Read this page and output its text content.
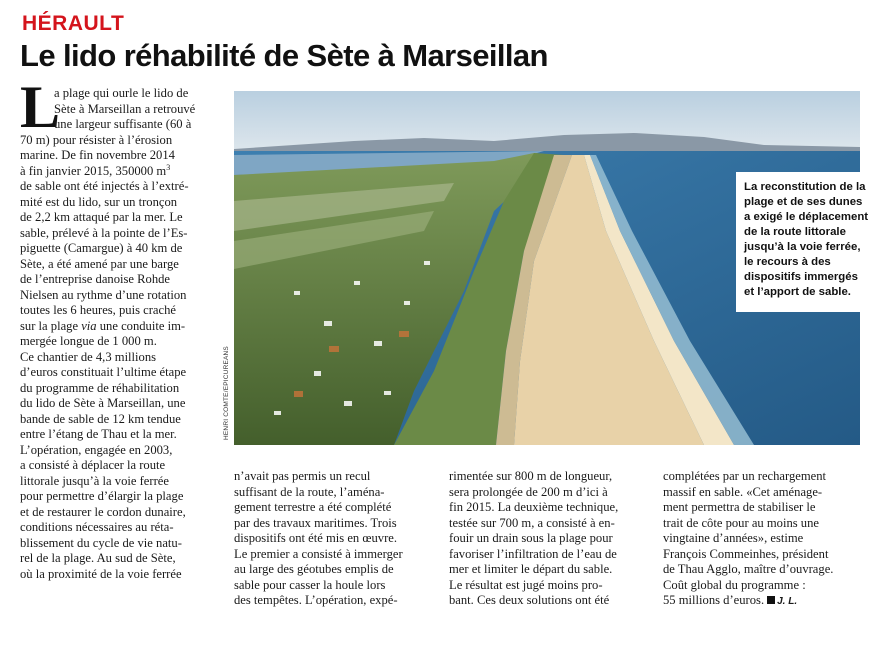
HÉRAULT
Le lido réhabilité de Sète à Marseillan
L
a plage qui ourle le lido de
Sète à Marseillan a retrouvé
une largeur suffisante (60 à
70 m) pour résister à l’érosion
marine. De fin novembre 2014
à fin janvier 2015, 350000 $m^3$
de sable ont été injectés à l’extré-
mité est du lido, sur un tronçon
de 2,2 km attaqué par la mer. Le
sable, prélevé à la pointe de l’Es-
piguette (Camargue) à 40 km de
Sète, a été amené par une barge
de l’entreprise danoise Rohde
Nielsen au rythme d’une rotation
toutes les 6 heures, puis craché
sur la plage via une conduite im-
mergée longue de 1 000 m.
Ce chantier de 4,3 millions
d’euros constituait l’ultime étape
du programme de réhabilitation
du lido de Sète à Marseillan, une
bande de sable de 12 km tendue
entre l’étang de Thau et la mer.
L’opération, engagée en 2003,
a consisté à déplacer la route
littorale jusqu’à la voie ferrée
pour permettre d’élargir la plage
et de restaurer le cordon dunaire,
conditions nécessaires au réta-
blissement du cycle de vie natu-
rel de la plage. Au sud de Sète,
où la proximité de la voie ferrée
n’avait pas permis un recul
suffisant de la route, l’aména-
gement terrestre a été complété
par des travaux maritimes. Trois
dispositifs ont été mis en œuvre.
Le premier a consisté à immerger
au large des géotubes emplis de
sable pour casser la houle lors
des tempêtes. L’opération, expé-
rimentée sur 800 m de longueur,
sera prolongée de 200 m d’ici à
fin 2015. La deuxième technique,
testée sur 700 m, a consisté à en-
fouir un drain sous la plage pour
favoriser l’infiltration de l’eau de
mer et limiter le départ du sable.
Le résultat est jugé moins pro-
bant. Ces deux solutions ont été
complétées par un rechargement
massif en sable. «Cet aménage-
ment permettra de stabiliser le
trait de côte pour au moins une
vingtaine d’années», estime
François Commeinhes, président
de Thau Agglo, maître d’ouvrage.
Coût global du programme :
55 millions d’euros. J. L.
HENRI COMTE/EPICUREANS
La reconstitution de la
plage et de ses dunes
a exigé le déplacement
de la route littorale
jusqu’à la voie ferrée,
le recours à des
dispositifs immergés
et l’apport de sable.
